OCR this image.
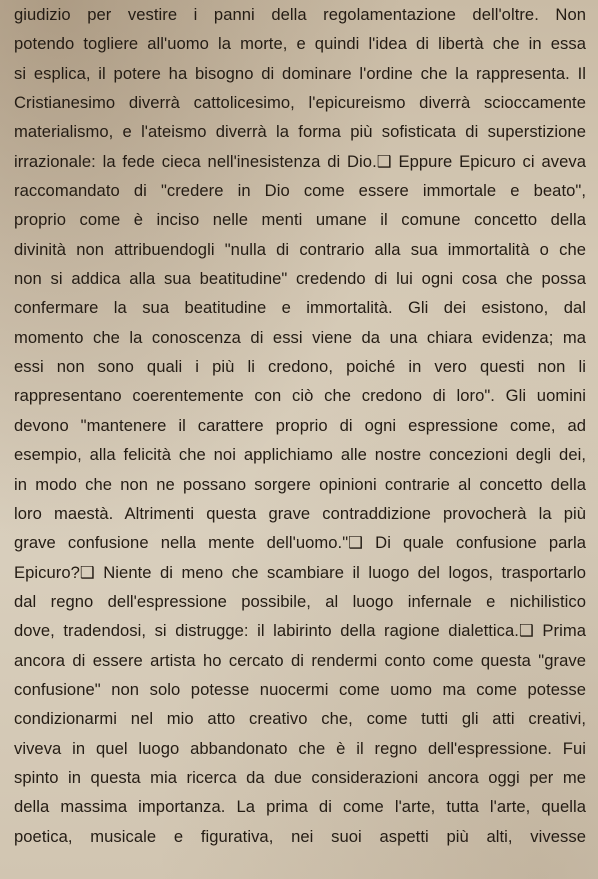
giudizio per vestire i panni della regolamentazione dell'oltre. Non
potendo togliere all'uomo la morte, e quindi l'idea di libertà che in essa
si esplica, il potere ha bisogno di dominare l'ordine che la rappresenta. Il
Cristianesimo diverrà cattolicesimo, l'epicureismo diverrà scioccamente
materialismo, e l'ateismo diverrà la forma più sofisticata di superstizione
irrazionale: la fede cieca nell'inesistenza di Dio.❑ Eppure Epicuro ci aveva
raccomandato di "credere in Dio come essere immortale e beato",
proprio come è inciso nelle menti umane il comune concetto della
divinità non attribuendogli "nulla di contrario alla sua immortalità o che
non si addica alla sua beatitudine" credendo di lui ogni cosa che possa
confermare la sua beatitudine e immortalità. Gli dei esistono, dal
momento che la conoscenza di essi viene da una chiara evidenza; ma
essi non sono quali i più li credono, poiché in vero questi non li
rappresentano coerentemente con ciò che credono di loro". Gli uomini
devono "mantenere il carattere proprio di ogni espressione come, ad
esempio, alla felicità che noi applichiamo alle nostre concezioni degli dei,
in modo che non ne possano sorgere opinioni contrarie al concetto della
loro maestà. Altrimenti questa grave contraddizione provocherà la più
grave confusione nella mente dell'uomo."❑ Di quale confusione parla
Epicuro?❑ Niente di meno che scambiare il luogo del logos, trasportarlo
dal regno dell'espressione possibile, al luogo infernale e nichilistico
dove, tradendosi, si distrugge: il labirinto della ragione dialettica.❑ Prima
ancora di essere artista ho cercato di rendermi conto come questa "grave
confusione" non solo potesse nuocermi come uomo ma come potesse
condizionarmi nel mio atto creativo che, come tutti gli atti creativi,
viveva in quel luogo abbandonato che è il regno dell'espressione. Fui
spinto in questa mia ricerca da due considerazioni ancora oggi per me
della massima importanza. La prima di come l'arte, tutta l'arte, quella
poetica, musicale e figurativa, nei suoi aspetti più alti, vivesse
